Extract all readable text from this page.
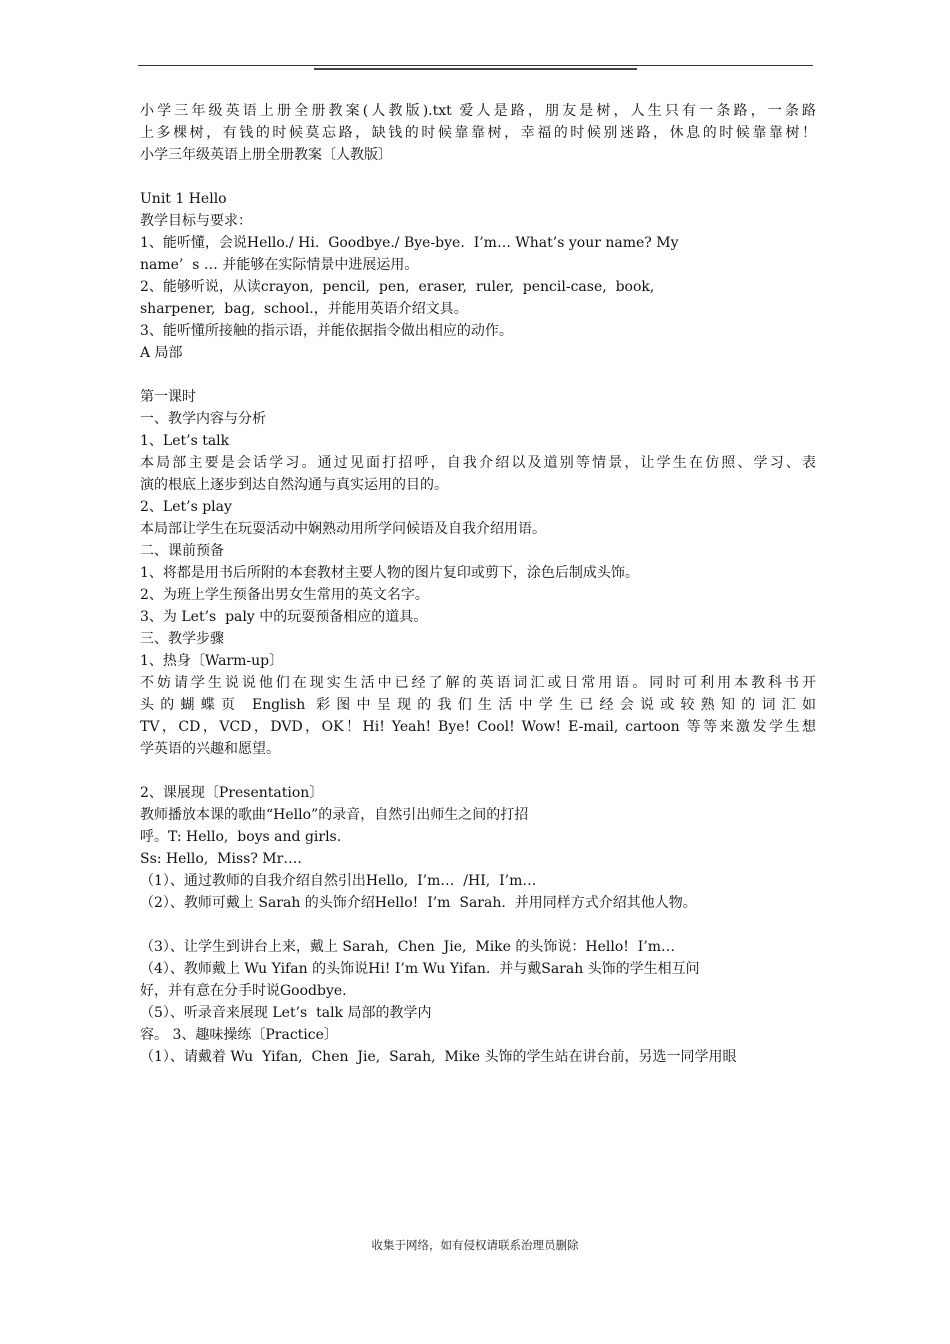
小学三年级英语上册全册教案(人教版).txt 爱人是路，朋友是树，人生只有一条路，一条路
上多棵树，有钱的时候莫忘路，缺钱的时候靠靠树，幸福的时候别迷路，休息的时候靠靠树！
小学三年级英语上册全册教案〔人教版〕
Unit 1 Hello
教学目标与要求：
1、能听懂，会说Hello./ Hi.  Goodbye./ Bye-bye.  I’m… What’s your name? My
name’  s … 并能够在实际情景中进展运用。
2、能够听说，从读crayon,  pencil,  pen,  eraser,  ruler,  pencil-case,  book,
sharpener,  bag,  school.，并能用英语介绍文具。
3、能听懂所接触的指示语，并能依据指令做出相应的动作。
A 局部
第一课时
一、教学内容与分析
1、Let’s talk
本局部主要是会话学习。通过见面打招呼，自我介绍以及道别等情景，让学生在仿照、学习、表
演的根底上逐步到达自然沟通与真实运用的目的。
2、Let’s play
本局部让学生在玩耍活动中娴熟动用所学问候语及自我介绍用语。
二、课前预备
1、将都是用书后所附的本套教材主要人物的图片复印或剪下，涂色后制成头饰。
2、为班上学生预备出男女生常用的英文名字。
3、为 Let’s  paly 中的玩耍预备相应的道具。
三、教学步骤
1、热身〔Warm-up〕
不妨请学生说说他们在现实生活中已经了解的英语词汇或日常用语。同时可利用本教科书开
头的蝴蝶页 English 彩图中呈现的我们生活中学生已经会说或较熟知的词汇如
TV，CD，VCD，DVD，OK！Hi! Yeah! Bye! Cool! Wow! E-mail, cartoon 等等来激发学生想
学英语的兴趣和愿望。
2、课展现〔Presentation〕
教师播放本课的歌曲“Hello”的录音，自然引出师生之间的打招
呼。T: Hello,  boys and girls.
Ss: Hello,  Miss? Mr….
（1）、通过教师的自我介绍自然引出Hello,  I’m…  /HI,  I’m…
（2）、教师可戴上 Sarah 的头饰介绍Hello!  I’m  Sarah.  并用同样方式介绍其他人物。
（3）、让学生到讲台上来，戴上 Sarah,  Chen  Jie,  Mike 的头饰说：Hello!  I’m…
（4）、教师戴上 Wu Yifan 的头饰说Hi! I’m Wu Yifan.  并与戴Sarah 头饰的学生相互问
好，并有意在分手时说Goodbye.
（5）、听录音来展现 Let’s  talk 局部的教学内
容。 3、趣味操练〔Practice〕
（1）、请戴着 Wu  Yifan,  Chen  Jie,  Sarah,  Mike 头饰的学生站在讲台前，另选一同学用眼
收集于网络，如有侵权请联系治理员删除
